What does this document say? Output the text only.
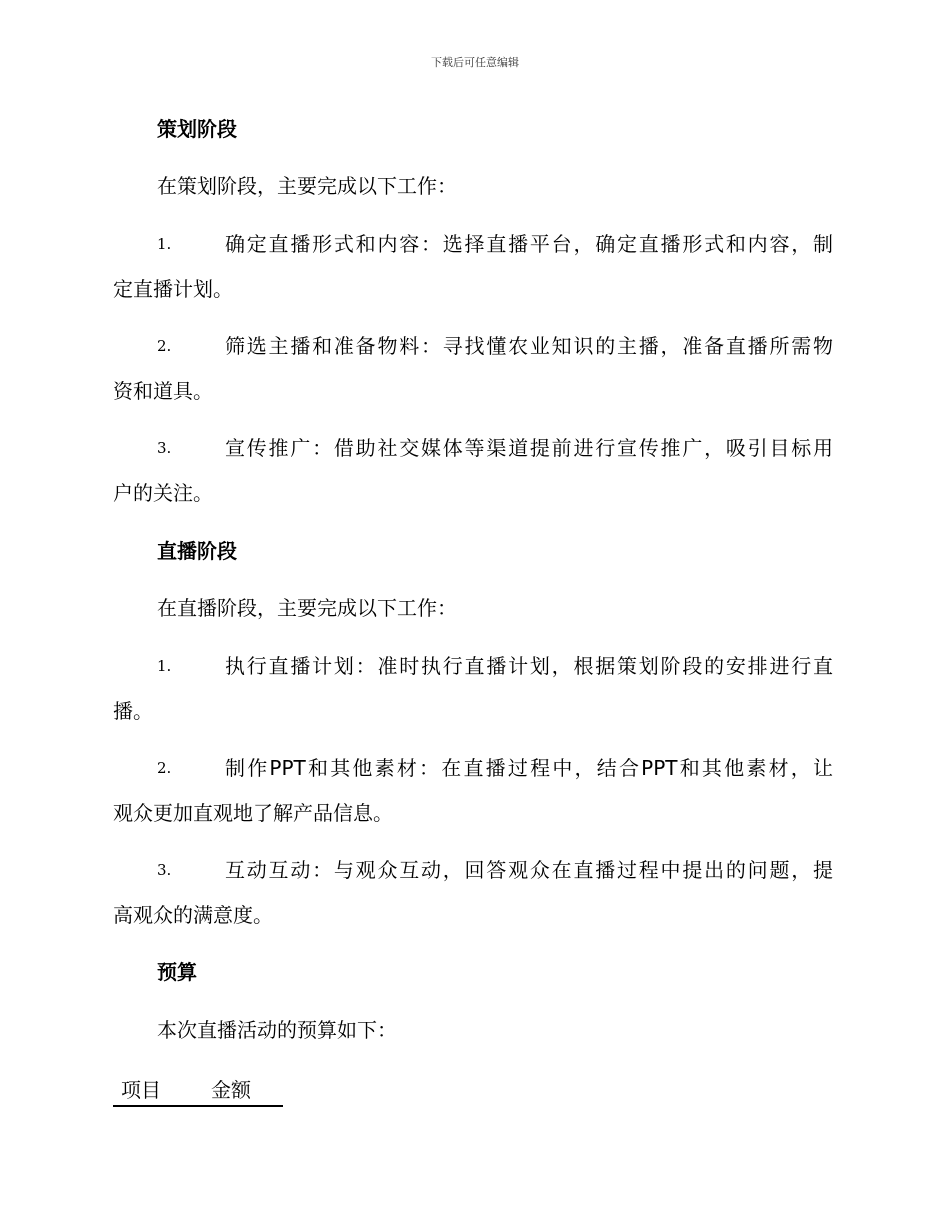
下载后可任意编辑
策划阶段
在策划阶段，主要完成以下工作：
1.	确定直播形式和内容：选择直播平台，确定直播形式和内容，制
定直播计划。
2.	筛选主播和准备物料：寻找懂农业知识的主播，准备直播所需物
资和道具。
3.	宣传推广：借助社交媒体等渠道提前进行宣传推广，吸引目标用
户的关注。
直播阶段
在直播阶段，主要完成以下工作：
1.	执行直播计划：准时执行直播计划，根据策划阶段的安排进行直
播。
2.	制作PPT和其他素材：在直播过程中，结合PPT和其他素材，让
观众更加直观地了解产品信息。
3.	互动互动：与观众互动，回答观众在直播过程中提出的问题，提
高观众的满意度。
预算
本次直播活动的预算如下：
项目	金额
